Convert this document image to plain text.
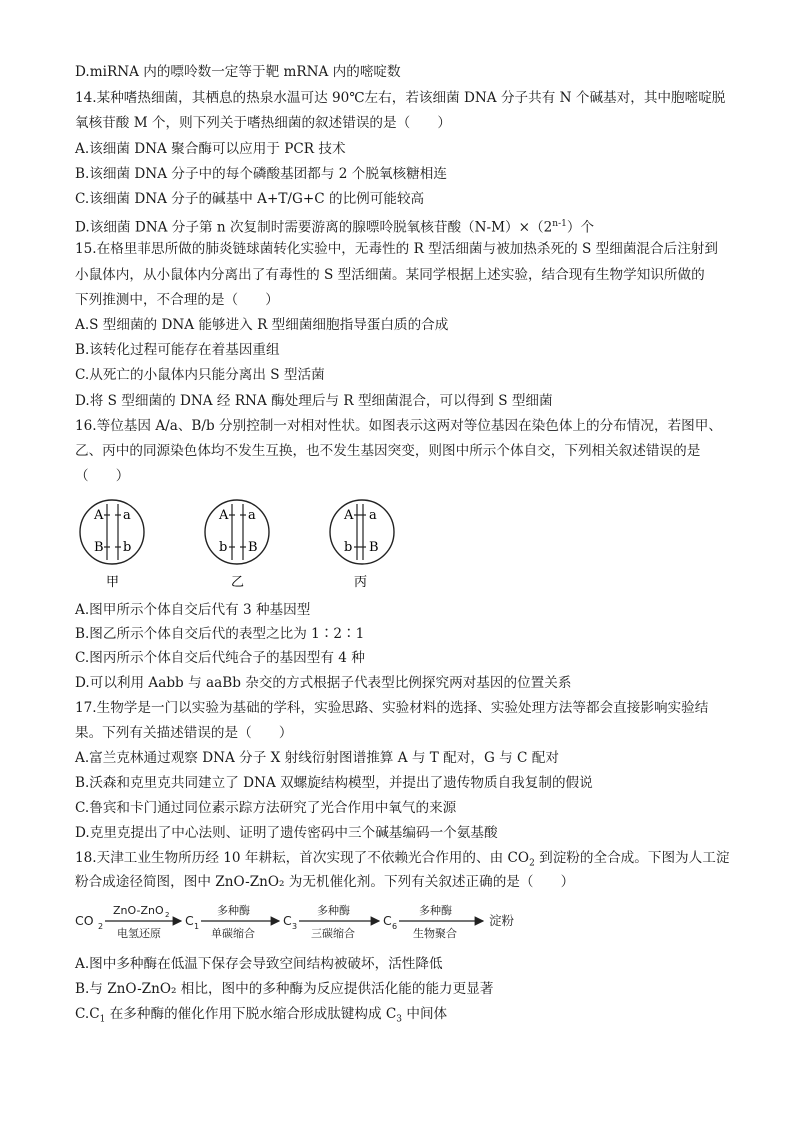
D.miRNA 内的嘌呤数一定等于靶 mRNA 内的嘧啶数
14.某种嗜热细菌，其栖息的热泉水温可达 90℃左右，若该细菌 DNA 分子共有 N 个碱基对，其中胞嘧啶脱
氧核苷酸 M 个，则下列关于嗜热细菌的叙述错误的是（　　）
A.该细菌 DNA 聚合酶可以应用于 PCR 技术
B.该细菌 DNA 分子中的每个磷酸基团都与 2 个脱氧核糖相连
C.该细菌 DNA 分子的碱基中 A+T/G+C 的比例可能较高
D.该细菌 DNA 分子第 n 次复制时需要游离的腺嘌呤脱氧核苷酸$(N-M)\times(2^{n-1})$个
15.在格里菲思所做的肺炎链球菌转化实验中，无毒性的 R 型活细菌与被加热杀死的 S 型细菌混合后注射到
小鼠体内，从小鼠体内分离出了有毒性的 S 型活细菌。某同学根据上述实验，结合现有生物学知识所做的
下列推测中，不合理的是（　　）
A.S 型细菌的 DNA 能够进入 R 型细菌细胞指导蛋白质的合成
B.该转化过程可能存在着基因重组
C.从死亡的小鼠体内只能分离出 S 型活菌
D.将 S 型细菌的 DNA 经 RNA 酶处理后与 R 型细菌混合，可以得到 S 型细菌
16.等位基因 A/a、B/b 分别控制一对相对性状。如图表示这两对等位基因在染色体上的分布情况，若图甲、
乙、丙中的同源染色体均不发生互换，也不发生基因突变，则图中所示个体自交，下列相关叙述错误的是
（　　）
A a
B b
甲
A a
b B
乙
A a
b B
丙
A.图甲所示个体自交后代有 3 种基因型
B.图乙所示个体自交后代的表型之比为 1∶2∶1
C.图丙所示个体自交后代纯合子的基因型有 4 种
D.可以利用 Aabb 与 aaBb 杂交的方式根据子代表型比例探究两对基因的位置关系
17.生物学是一门以实验为基础的学科，实验思路、实验材料的选择、实验处理方法等都会直接影响实验结
果。下列有关描述错误的是（　　）
A.富兰克林通过观察 DNA 分子 X 射线衍射图谱推算 A 与 T 配对，G 与 C 配对
B.沃森和克里克共同建立了 DNA 双螺旋结构模型，并提出了遗传物质自我复制的假说
C.鲁宾和卡门通过同位素示踪方法研究了光合作用中氧气的来源
D.克里克提出了中心法则、证明了遗传密码中三个碱基编码一个氨基酸
18.天津工业生物所历经 10 年耕耘，首次实现了不依赖光合作用的、由 $CO_2$ 到淀粉的全合成。下图为人工淀
粉合成途径简图，图中 ZnO-ZnO₂ 为无机催化剂。下列有关叙述正确的是（　　）
CO 2
ZnO-ZnO 2
电氢还原
C 1
多种酶
单碳缩合
C 3
多种酶
三碳缩合
C 6
多种酶
生物聚合
淀粉
A.图中多种酶在低温下保存会导致空间结构被破坏，活性降低
B.与 ZnO-ZnO₂ 相比，图中的多种酶为反应提供活化能的能力更显著
$C.C_1$ 在多种酶的催化作用下脱水缩合形成肽键构成 $C_3$ 中间体
